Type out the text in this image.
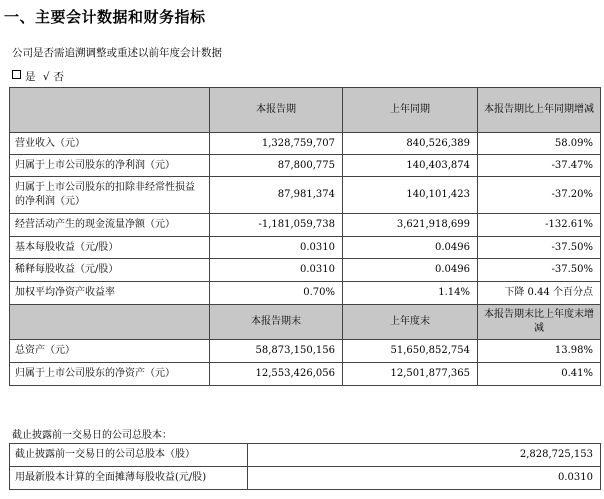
一、主要会计数据和财务指标
公司是否需追溯调整或重述以前年度会计数据
是 √ 否
	本报告期	上年同期	本报告期比上年同期增减
营业收入（元）	1,328,759,707	840,526,389	58.09%
归属于上市公司股东的净利润（元）	87,800,775	140,403,874	-37.47%
归属于上市公司股东的扣除非经常性损益的净利润（元）	87,981,374	140,101,423	-37.20%
经营活动产生的现金流量净额（元）	-1,181,059,738	3,621,918,699	-132.61%
基本每股收益（元/股）	0.0310	0.0496	-37.50%
稀释每股收益（元/股）	0.0310	0.0496	-37.50%
加权平均净资产收益率	0.70%	1.14%	下降 0.44 个百分点
	本报告期末	上年度末	本报告期末比上年度末增减
总资产（元）	58,873,150,156	51,650,852,754	13.98%
归属于上市公司股东的净资产（元）	12,553,426,056	12,501,877,365	0.41%
截止披露前一交易日的公司总股本：
截止披露前一交易日的公司总股本（股）	2,828,725,153
用最新股本计算的全面摊薄每股收益(元/股)	0.0310
